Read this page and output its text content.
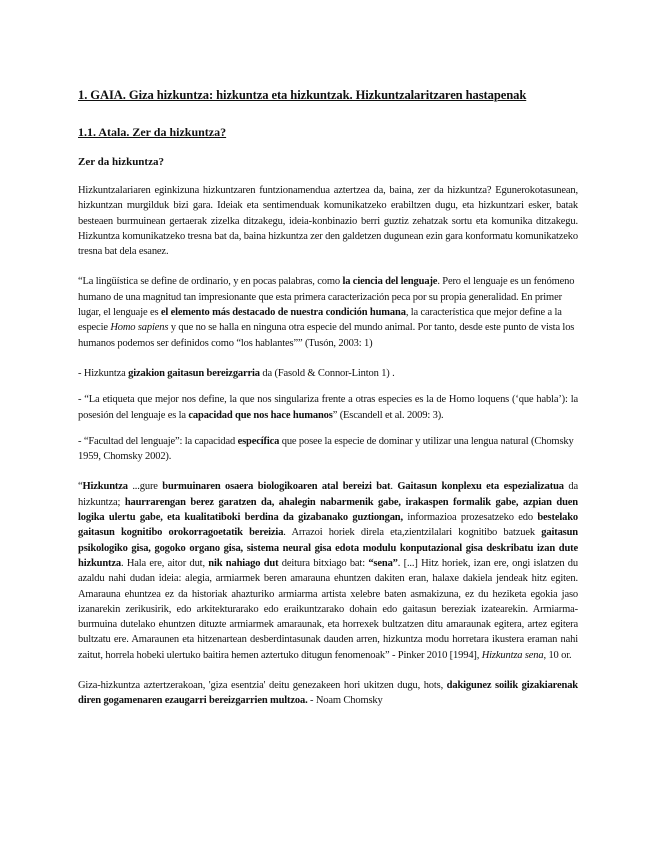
1. GAIA. Giza hizkuntza: hizkuntza eta hizkuntzak. Hizkuntzalaritzaren hastapenak
1.1. Atala. Zer da hizkuntza?
Zer da hizkuntza?

Hizkuntzalariaren eginkizuna hizkuntzaren funtzionamendua aztertzea da, baina, zer da hizkuntza? Egunerokotasunean, hizkuntzan murgilduk bizi gara. Ideiak eta sentimenduak komunikatzeko erabiltzen dugu, eta hizkuntzari esker, batak besteaen burmuinean gertaerak zizelka ditzakegu, ideia-konbinazio berri guztiz zehatzak sortu eta komunika ditzakegu. Hizkuntza komunikatzeko tresna bat da, baina hizkuntza zer den galdetzen dugunean ezin gara konformatu komunikatzeko tresna bat dela esanez.

“La lingüística se define de ordinario, y en pocas palabras, como la ciencia del lenguaje. Pero el lenguaje es un fenómeno humano de una magnitud tan impresionante que esta primera caracterización peca por su propia generalidad. En primer lugar, el lenguaje es el elemento más destacado de nuestra condición humana, la característica que mejor define a la especie Homo sapiens y que no se halla en ninguna otra especie del mundo animal. Por tanto, desde este punto de vista los humanos podemos ser definidos como “los hablantes”” (Tusón, 2003: 1)

- Hizkuntza gizakion gaitasun bereizgarria da (Fasold & Connor-Linton 1) .

- “La etiqueta que mejor nos define, la que nos singulariza frente a otras especies es la de Homo loquens (‘que habla’): la posesión del lenguaje es la capacidad que nos hace humanos” (Escandell et al. 2009: 3).

- “Facultad del lenguaje”: la capacidad específica que posee la especie de dominar y utilizar una lengua natural (Chomsky 1959, Chomsky 2002).

“Hizkuntza ...gure burmuinaren osaera biologikoaren atal bereizi bat. Gaitasun konplexu eta espezializatua da hizkuntza; haurrarengan berez garatzen da, ahalegin nabarmenik gabe, irakaspen formalik gabe, azpian duen logika ulertu gabe, eta kualitatiboki berdina da gizabanako guztiongan, informazioa prozesatzeko edo bestelako gaitasun kognitibo orokorragoetatik bereizia. Arrazoi horiek direla eta,zientzilalari kognitibo batzuek gaitasun psikologiko gisa, gogoko organo gisa, sistema neural gisa edota modulu konputazional gisa deskribatu izan dute hizkuntza. Hala ere, aitor dut, nik nahiago dut deitura bitxiago bat: “sena”. [...] Hitz horiek, izan ere, ongi islatzen du azaldu nahi dudan ideia: alegia, armiarmek beren amarauna ehuntzen dakiten eran, halaxe dakiela jendeak hitz egiten. Amarauna ehuntzea ez da historiak ahazturiko armiarma artista xelebre baten asmakizuna, ez du heziketa egokia jaso izanarekin zerikusirik, edo arkitekturarako edo eraikuntzarako dohain edo gaitasun bereziak izatearekin. Armiarma-burmuina dutelako ehuntzen dituzte armiarmek amaraunak, eta horrexek bultzatzen ditu amaraunak egitera, artez egitera bultzatu ere. Amaraunen eta hitzenartean desberdintasunak dauden arren, hizkuntza modu horretara ikustera eraman nahi zaitut, horrela hobeki ulertuko baitira hemen aztertuko ditugun fenomenoak” - Pinker 2010 [1994], Hizkuntza sena, 10 or.

Giza-hizkuntza aztertzerakoan, 'giza esentzia' deitu genezakeen hori ukitzen dugu, hots, dakigunez soilik gizakiarenak diren gogamenaren ezaugarri bereizgarrien multzoa. - Noam Chomsky
